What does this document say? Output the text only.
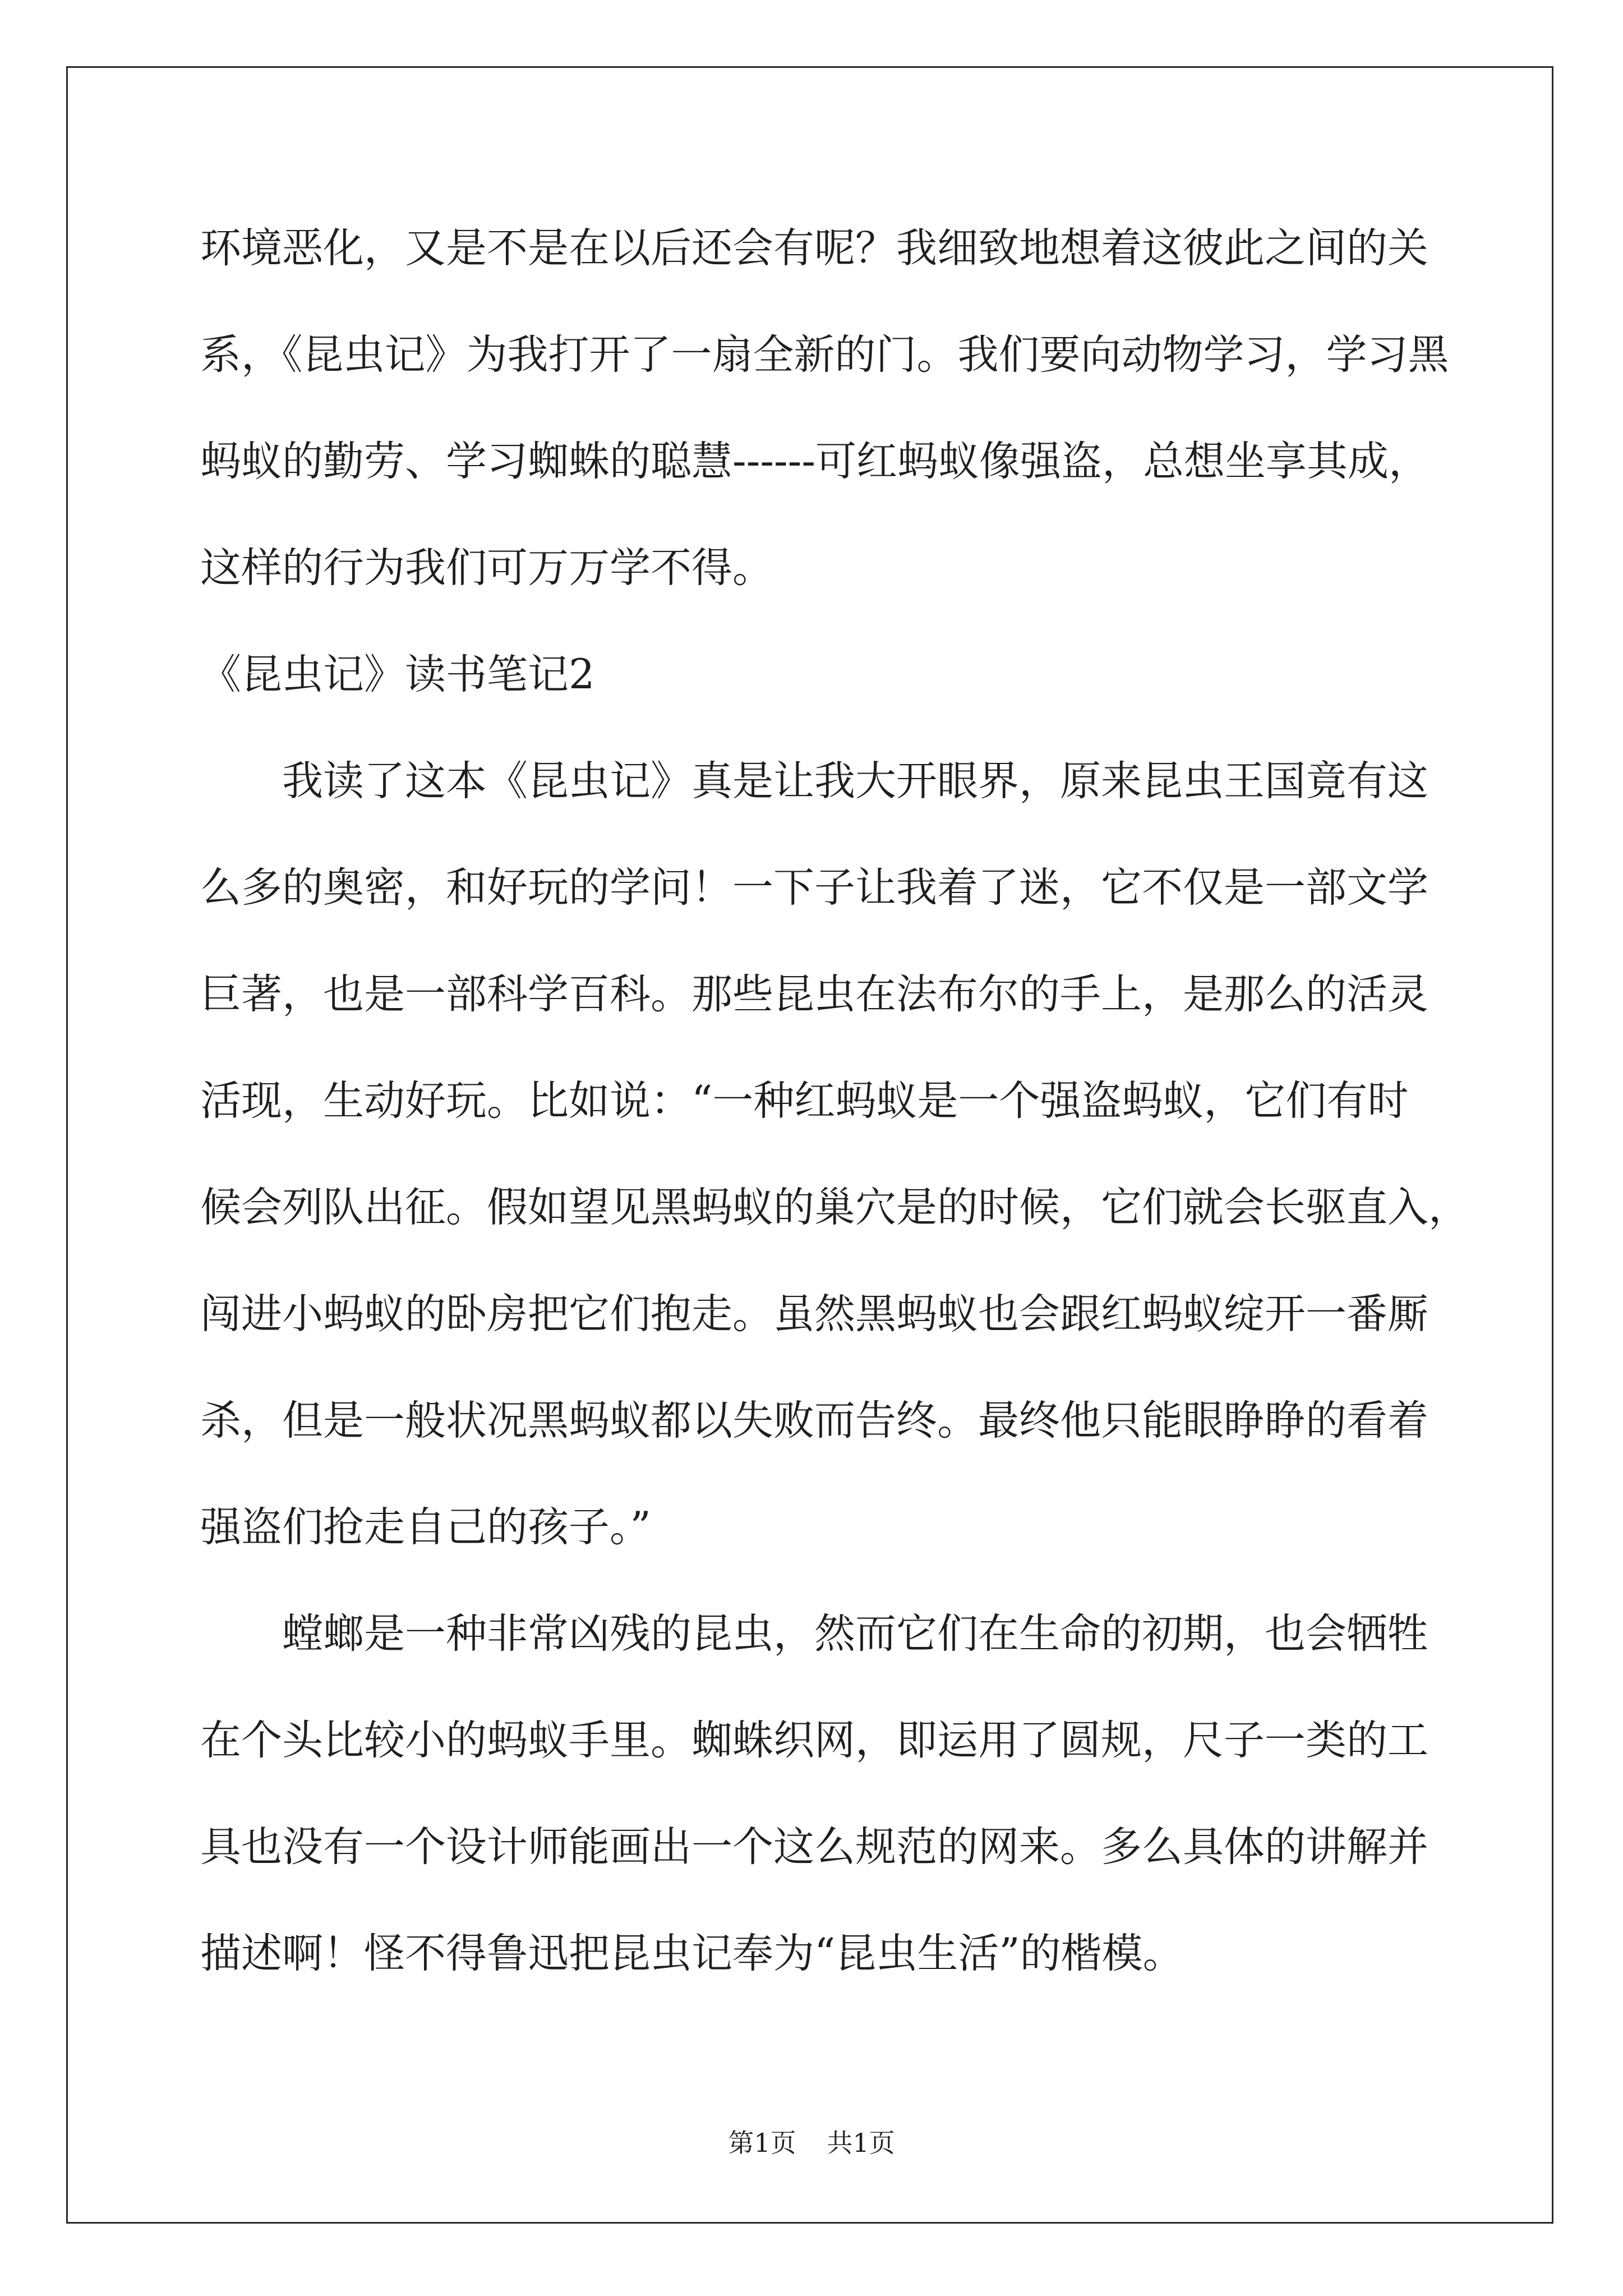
环境恶化，又是不是在以后还会有呢？我细致地想着这彼此之间的关
系，《昆虫记》为我打开了一扇全新的门。我们要向动物学习，学习黑
蚂蚁的勤劳、学习蜘蛛的聪慧------可红蚂蚁像强盗，总想坐享其成，
这样的行为我们可万万学不得。
《昆虫记》读书笔记2
我读了这本《昆虫记》真是让我大开眼界，原来昆虫王国竟有这
么多的奥密，和好玩的学问！一下子让我着了迷，它不仅是一部文学
巨著，也是一部科学百科。那些昆虫在法布尔的手上，是那么的活灵
活现，生动好玩。比如说：“一种红蚂蚁是一个强盗蚂蚁，它们有时
候会列队出征。假如望见黑蚂蚁的巢穴是的时候，它们就会长驱直入，
闯进小蚂蚁的卧房把它们抱走。虽然黑蚂蚁也会跟红蚂蚁绽开一番厮
杀，但是一般状况黑蚂蚁都以失败而告终。最终他只能眼睁睁的看着
强盗们抢走自己的孩子。”
螳螂是一种非常凶残的昆虫，然而它们在生命的初期，也会牺牲
在个头比较小的蚂蚁手里。蜘蛛织网，即运用了圆规，尺子一类的工
具也没有一个设计师能画出一个这么规范的网来。多么具体的讲解并
描述啊！怪不得鲁迅把昆虫记奉为“昆虫生活”的楷模。
第1页 共1页
